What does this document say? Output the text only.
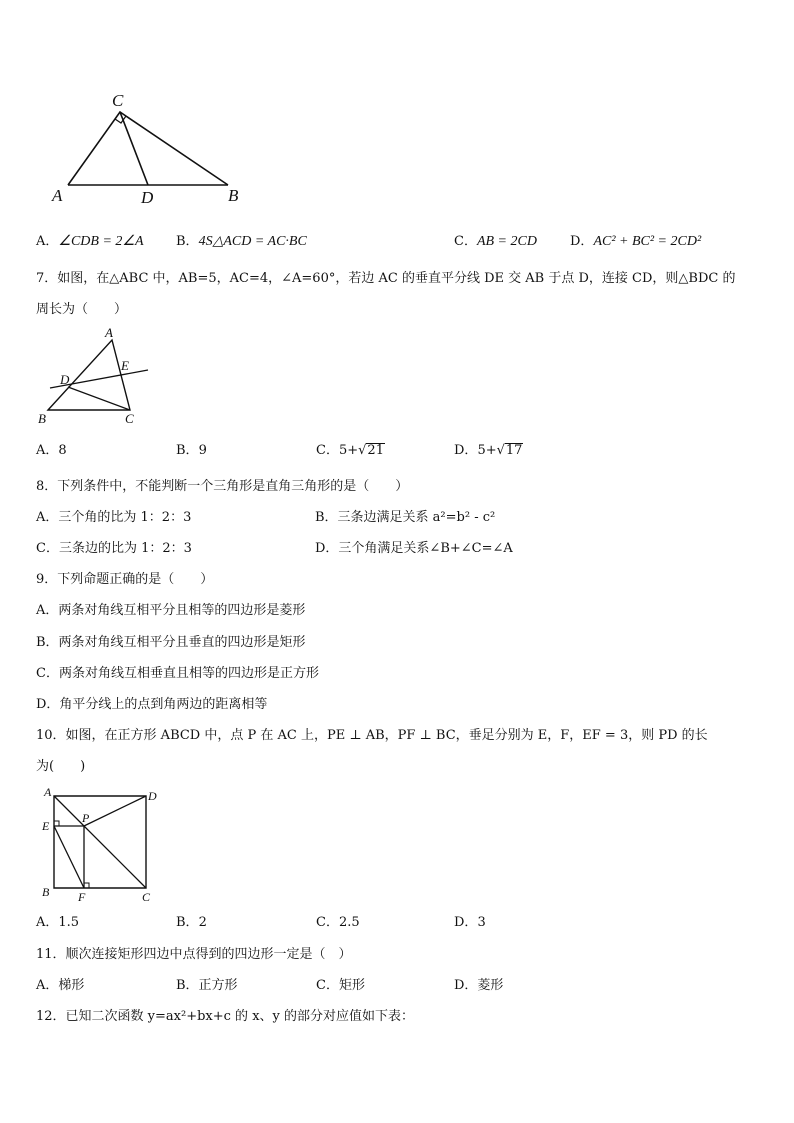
C
A	D	B
A．∠CDB = 2∠A	B．4S△ACD = AC·BC	C．AB = 2CD	D．AC² + BC² = 2CD²
7．如图，在△ABC 中，AB=5，AC=4，∠A=60°，若边 AC 的垂直平分线 DE 交 AB 于点 D，连接 CD，则△BDC 的
周长为（　　）
A
E
D
B	C
A．8	B．9	C．5+√21	D．5+√17
8．下列条件中，不能判断一个三角形是直角三角形的是（　　）
A．三个角的比为 1：2：3	B．三条边满足关系 a²=b² - c²
C．三条边的比为 1：2：3	D．三个角满足关系∠B+∠C=∠A
9．下列命题正确的是（　　）
A．两条对角线互相平分且相等的四边形是菱形
B．两条对角线互相平分且垂直的四边形是矩形
C．两条对角线互相垂直且相等的四边形是正方形
D．角平分线上的点到角两边的距离相等
10．如图，在正方形 ABCD 中，点 P 在 AC 上，PE ⊥ AB，PF ⊥ BC，垂足分别为 E，F，EF = 3，则 PD 的长
为(　　)
A	D
E
P
B F	C
A．1.5	B．2	C．2.5	D．3
11．顺次连接矩形四边中点得到的四边形一定是（　）
A．梯形	B．正方形	C．矩形	D．菱形
12．已知二次函数 y=ax²+bx+c 的 x、y 的部分对应值如下表：
